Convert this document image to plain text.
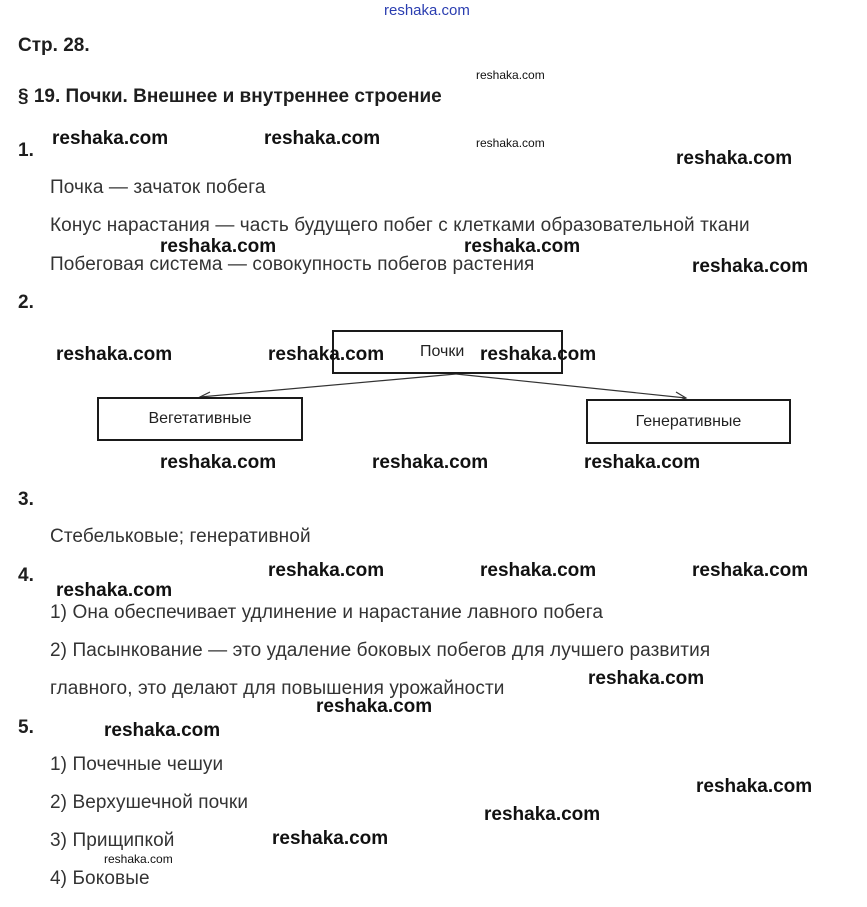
reshaka.com
Стр. 28.
§ 19. Почки. Внешнее и внутреннее строение
1.
Почка — зачаток побега
Конус нарастания — часть будущего побег с клетками образовательной ткани
Побеговая система — совокупность побегов растения
2.
Почки
Вегетативные	Генеративные
3.
Стебельковые; генеративной
4.
1) Она обеспечивает удлинение и нарастание лавного побега
2) Пасынкование — это удаление боковых побегов для лучшего развития
главного, это делают для повышения урожайности
5.
1) Почечные чешуи
2) Верхушечной почки
3) Прищипкой
4) Боковые
reshaka.com
reshaka.com
reshaka.com
reshaka.com	reshaka.com
reshaka.com
reshaka.com	reshaka.com
reshaka.com
reshaka.com	reshaka.com	reshaka.com
reshaka.com	reshaka.com	reshaka.com
reshaka.com	reshaka.com	reshaka.com
reshaka.com
reshaka.com
reshaka.com
reshaka.com
reshaka.com
reshaka.com
reshaka.com
